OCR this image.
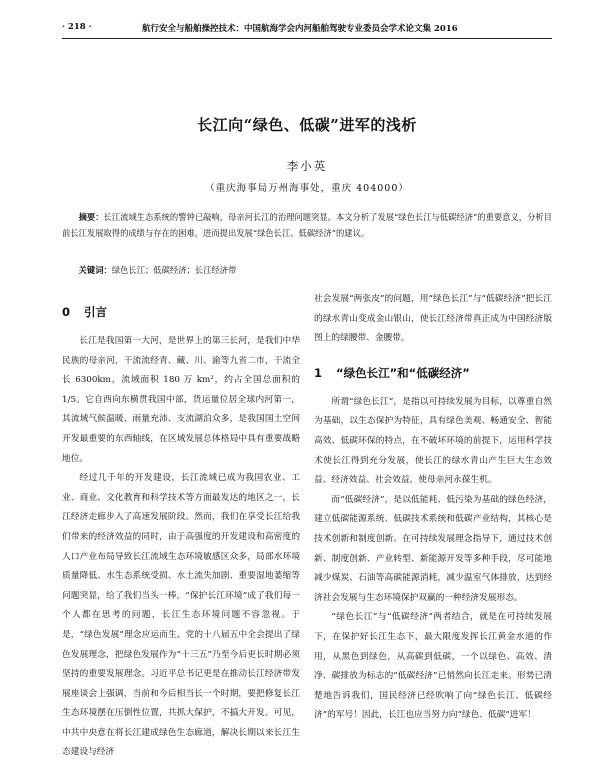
· 218 ·	航行安全与船舶操控技术：中国航海学会内河船舶驾驶专业委员会学术论文集 2016
长江向“绿色、低碳”进军的浅析
李小英
（重庆海事局万州海事处，重庆 404000）
摘要：长江流域生态系统的警钟已敲响，母亲河长江的治理问题突显。本文分析了发展“绿色长江与低碳经济”的重要意义，分析目前长江发展取得的成绩与存在的困难，进而提出发展“绿色长江、低碳经济”的建议。
关键词：绿色长江；低碳经济；长江经济带
0 引言

长江是我国第一大河，是世界上的第三长河，是我们中华民族的母亲河，干流流经青、藏、川、渝等九省二市，干流全长 6300km，流域面积 180 万 km²，约占全国总面积的 1/5。它自西向东横贯我国中部，货运量位居全球内河第一，其流域气候温暖、雨量充沛、支流湖泊众多，是我国国土空间开发最重要的东西轴线，在区域发展总体格局中具有重要战略地位。

经过几千年的开发建设，长江流域已成为我国农业、工业、商业、文化教育和科学技术等方面最发达的地区之一，长江经济走廊步入了高速发展阶段。然而，我们在享受长江给我们带来的经济效益的同时，由于高强度的开发建设和高密度的人口产业布局导致长江流域生态环境敏感区众多，局部水环境质量降低、水生态系统受损、水土流失加剧、重要湿地萎缩等问题突显，给了我们当头一棒，“保护长江环境”成了我们每一个人都在思考的问题，长江生态环境问题不容忽视。于是，“绿色发展”理念应运而生。党的十八届五中全会提出了绿色发展理念，把绿色发展作为“十三五”乃至今后更长时期必须坚持的重要发展理念。习近平总书记更是在推动长江经济带发展座谈会上强调，当前和今后相当长一个时期，要把修复长江生态环境摆在压倒性位置，共抓大保护，不搞大开发。可见，中共中央意在将长江建成绿色生态廊道，解决长期以来长江生态建设与经济

社会发展“两张皮”的问题，用“绿色长江”与“低碳经济”把长江的绿水青山变成金山银山，使长江经济带真正成为中国经济版图上的绿腰带、金腰带。

1 “绿色长江”和“低碳经济”

所谓“绿色长江”，是指以可持续发展为目标，以尊重自然为基础，以生态保护为特征，具有绿色美观、畅通安全、智能高效、低碳环保的特点，在不破坏环境的前提下，运用科学技术使长江得到充分发展，使长江的绿水青山产生巨大生态效益、经济效益、社会效益，使母亲河永葆生机。

而“低碳经济”，是以低能耗、低污染为基础的绿色经济，建立低碳能源系统、低碳技术系统和低碳产业结构，其核心是技术创新和制度创新。在可持续发展理念指导下，通过技术创新、制度创新、产业转型、新能源开发等多种手段，尽可能地减少煤炭、石油等高碳能源消耗，减少温室气体排放，达到经济社会发展与生态环境保护双赢的一种经济发展形态。

“绿色长江”与“低碳经济”两者结合，就是在可持续发展下，在保护好长江生态下，最大限度发挥长江黄金水道的作用，从黑色到绿色，从高碳到低碳，一个以绿色、高效、清净、碳排放为标志的“低碳经济”已悄然向长江走来。形势已清楚地告诉我们，国民经济已经吹响了向“绿色长江、低碳经济”的军号！因此，长江也应当努力向“绿色、低碳”进军！
